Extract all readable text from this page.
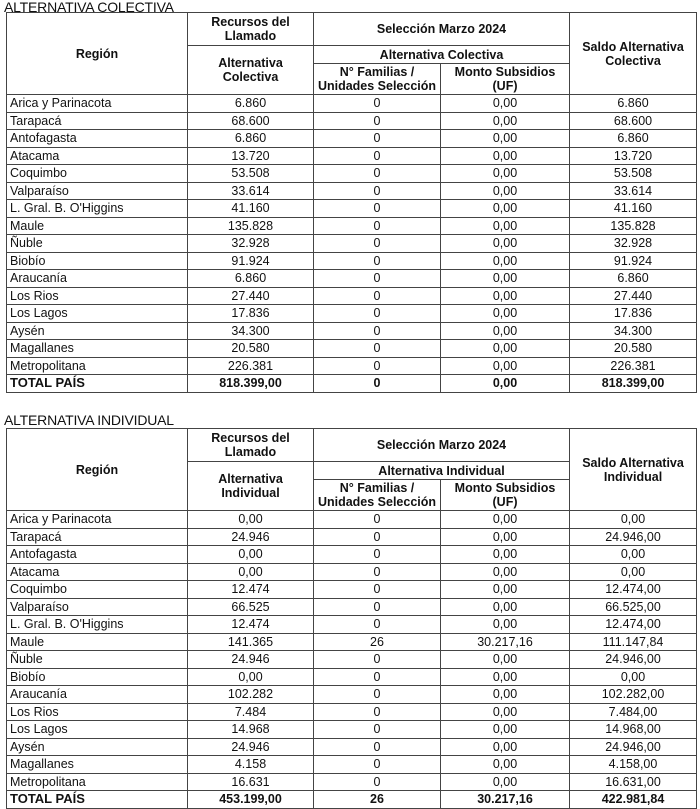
ALTERNATIVA COLECTIVA
Región	Recursos del Llamado	Selección Marzo 2024		Saldo Alternativa Colectiva
	Alternativa Colectiva	Alternativa Colectiva		
		N° Familias / Unidades Selección	Monto Subsidios (UF)	
Arica y Parinacota	6.860	0	0,00	6.860
Tarapacá	68.600	0	0,00	68.600
Antofagasta	6.860	0	0,00	6.860
Atacama	13.720	0	0,00	13.720
Coquimbo	53.508	0	0,00	53.508
Valparaíso	33.614	0	0,00	33.614
L. Gral. B. O'Higgins	41.160	0	0,00	41.160
Maule	135.828	0	0,00	135.828
Ñuble	32.928	0	0,00	32.928
Biobío	91.924	0	0,00	91.924
Araucanía	6.860	0	0,00	6.860
Los Rios	27.440	0	0,00	27.440
Los Lagos	17.836	0	0,00	17.836
Aysén	34.300	0	0,00	34.300
Magallanes	20.580	0	0,00	20.580
Metropolitana	226.381	0	0,00	226.381
TOTAL PAÍS	818.399,00	0	0,00	818.399,00
ALTERNATIVA INDIVIDUAL
Región	Recursos del Llamado	Selección Marzo 2024		Saldo Alternativa Individual
	Alternativa Individual	Alternativa Individual		
		N° Familias / Unidades Selección	Monto Subsidios (UF)	
Arica y Parinacota	0,00	0	0,00	0,00
Tarapacá	24.946	0	0,00	24.946,00
Antofagasta	0,00	0	0,00	0,00
Atacama	0,00	0	0,00	0,00
Coquimbo	12.474	0	0,00	12.474,00
Valparaíso	66.525	0	0,00	66.525,00
L. Gral. B. O'Higgins	12.474	0	0,00	12.474,00
Maule	141.365	26	30.217,16	111.147,84
Ñuble	24.946	0	0,00	24.946,00
Biobío	0,00	0	0,00	0,00
Araucanía	102.282	0	0,00	102.282,00
Los Rios	7.484	0	0,00	7.484,00
Los Lagos	14.968	0	0,00	14.968,00
Aysén	24.946	0	0,00	24.946,00
Magallanes	4.158	0	0,00	4.158,00
Metropolitana	16.631	0	0,00	16.631,00
TOTAL PAÍS	453.199,00	26	30.217,16	422.981,84
